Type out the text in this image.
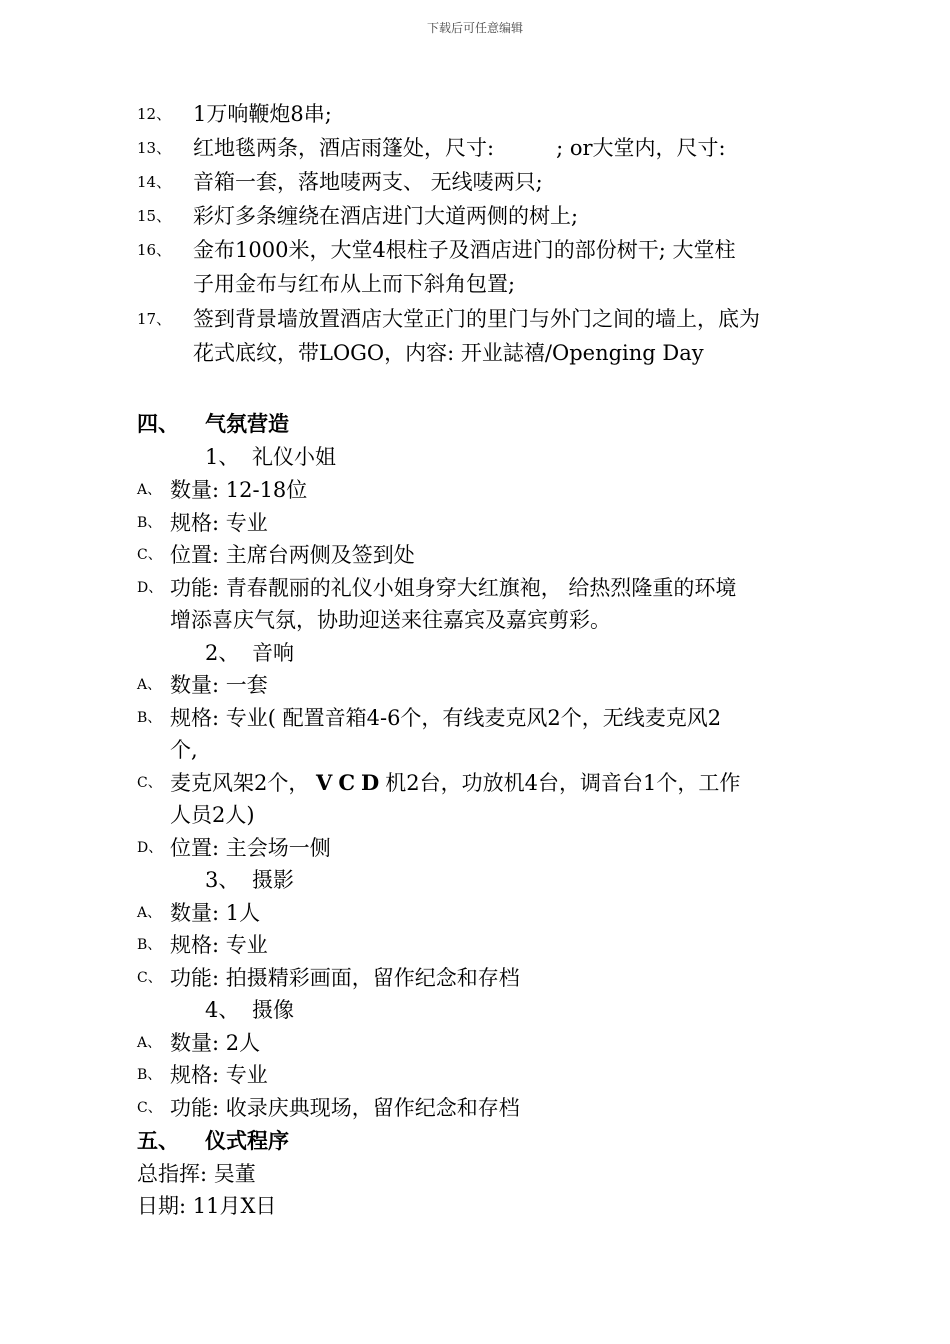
下载后可任意编辑
12、 1万响鞭炮8串;
13、 红地毯两条，酒店雨篷处，尺寸:	; or大堂内，尺寸:
14、 音箱一套，落地唛两支、 无线唛两只;
15、 彩灯多条缠绕在酒店进门大道两侧的树上;
16、 金布1000米，大堂4根柱子及酒店进门的部份树干; 大堂柱
子用金布与红布从上而下斜角包置;
17、 签到背景墙放置酒店大堂正门的里门与外门之间的墙上，底为
花式底纹，带LOGO，内容: 开业誌禧/Openging Day
四、 气氛营造
1、 礼仪小姐
A、 数量: 12-18位
B、 规格: 专业
C、 位置: 主席台两侧及签到处
D、 功能: 青春靓丽的礼仪小姐身穿大红旗袍， 给热烈隆重的环境
增添喜庆气氛，协助迎送来往嘉宾及嘉宾剪彩。
2、 音响
A、 数量: 一套
B、 规格: 专业( 配置音箱4-6个，有线麦克风2个，无线麦克风2
个,
C、 麦克风架2个， VCD机2台，功放机4台，调音台1个，工作
人员2人)
D、 位置: 主会场一侧
3、 摄影
A、 数量: 1人
B、 规格: 专业
C、 功能: 拍摄精彩画面，留作纪念和存档
4、 摄像
A、 数量: 2人
B、 规格: 专业
C、 功能: 收录庆典现场，留作纪念和存档
五、 仪式程序
总指挥: 吴董
日期: 11月X日
